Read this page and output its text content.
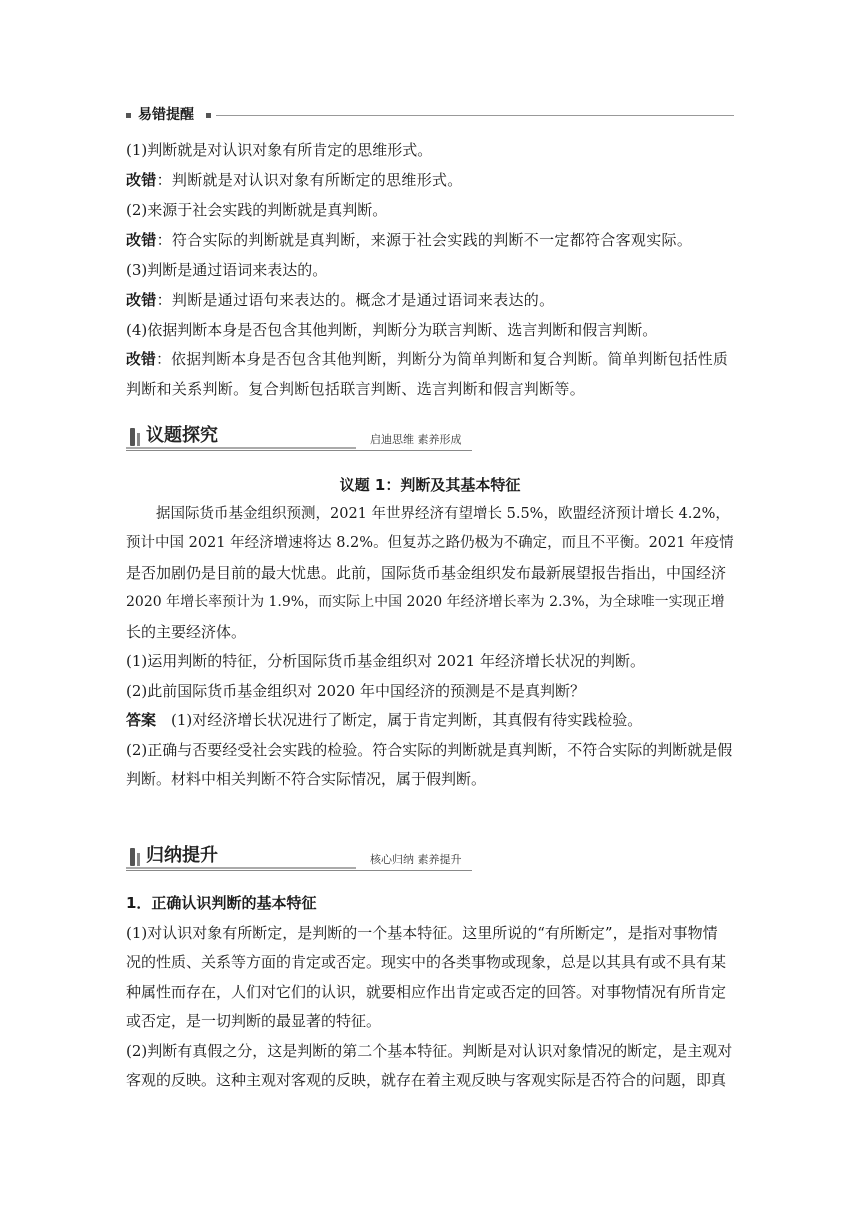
易错提醒
(1)判断就是对认识对象有所肯定的思维形式。
改错：判断就是对认识对象有所断定的思维形式。
(2)来源于社会实践的判断就是真判断。
改错：符合实际的判断就是真判断，来源于社会实践的判断不一定都符合客观实际。
(3)判断是通过语词来表达的。
改错：判断是通过语句来表达的。概念才是通过语词来表达的。
(4)依据判断本身是否包含其他判断，判断分为联言判断、选言判断和假言判断。
改错：依据判断本身是否包含其他判断，判断分为简单判断和复合判断。简单判断包括性质
判断和关系判断。复合判断包括联言判断、选言判断和假言判断等。
议题探究	启迪思维 素养形成
议题 1：判断及其基本特征
据国际货币基金组织预测，2021 年世界经济有望增长 5.5%，欧盟经济预计增长 4.2%，
预计中国 2021 年经济增速将达 8.2%。但复苏之路仍极为不确定，而且不平衡。2021 年疫情
是否加剧仍是目前的最大忧患。此前，国际货币基金组织发布最新展望报告指出，中国经济
2020 年增长率预计为 1.9%，而实际上中国 2020 年经济增长率为 2.3%，为全球唯一实现正增
长的主要经济体。
(1)运用判断的特征，分析国际货币基金组织对 2021 年经济增长状况的判断。
(2)此前国际货币基金组织对 2020 年中国经济的预测是不是真判断？
答案　(1)对经济增长状况进行了断定，属于肯定判断，其真假有待实践检验。
(2)正确与否要经受社会实践的检验。符合实际的判断就是真判断，不符合实际的判断就是假
判断。材料中相关判断不符合实际情况，属于假判断。
归纳提升	核心归纳 素养提升
1．正确认识判断的基本特征
(1)对认识对象有所断定，是判断的一个基本特征。这里所说的“有所断定”，是指对事物情
况的性质、关系等方面的肯定或否定。现实中的各类事物或现象，总是以其具有或不具有某
种属性而存在，人们对它们的认识，就要相应作出肯定或否定的回答。对事物情况有所肯定
或否定，是一切判断的最显著的特征。
(2)判断有真假之分，这是判断的第二个基本特征。判断是对认识对象情况的断定，是主观对
客观的反映。这种主观对客观的反映，就存在着主观反映与客观实际是否符合的问题，即真
